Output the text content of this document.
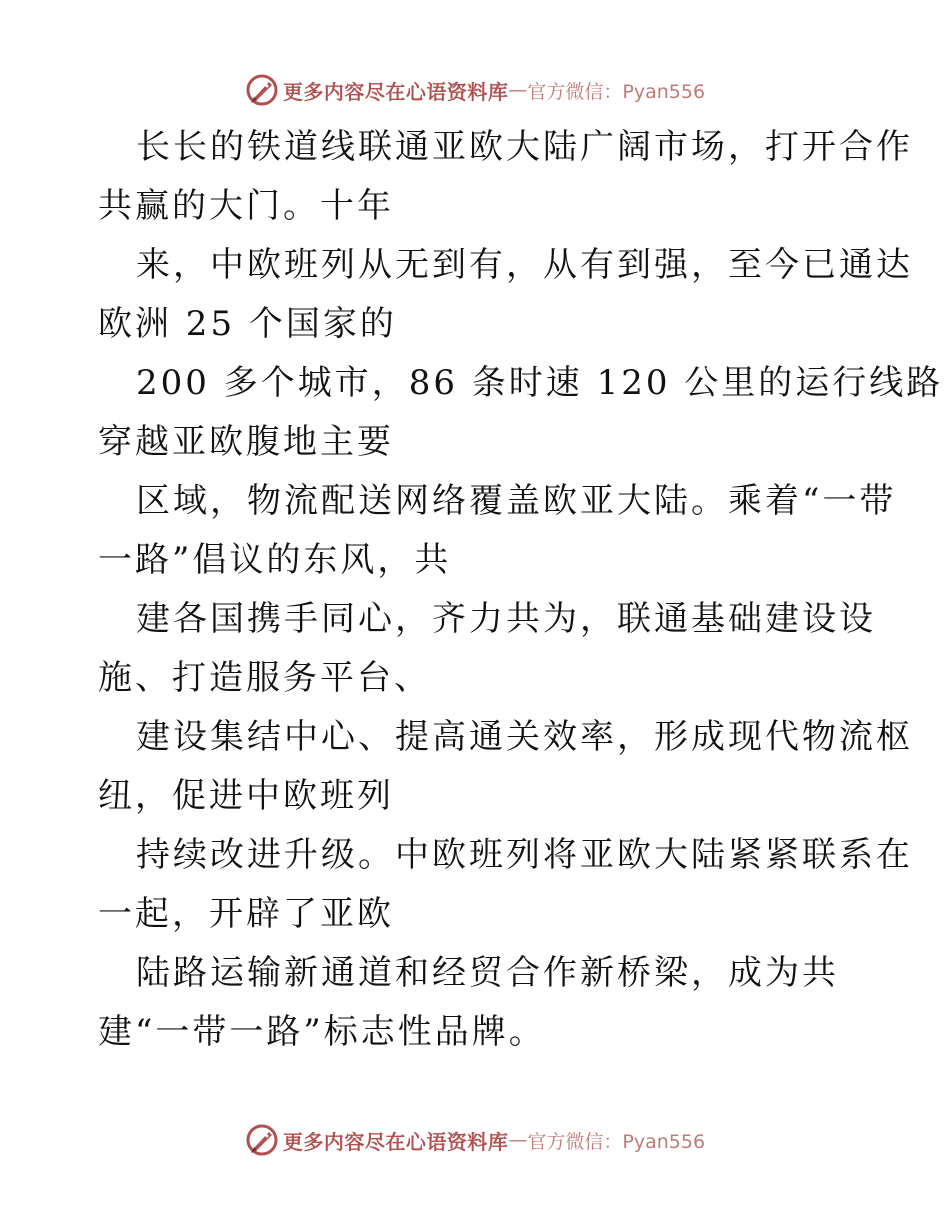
更多内容尽在心语资料库 — 官方微信：Pyan556
长长的铁道线联通亚欧大陆广阔市场，打开合作
共赢的大门。十年
来，中欧班列从无到有，从有到强，至今已通达
欧洲 25 个国家的
200 多个城市，86 条时速 120 公里的运行线路
穿越亚欧腹地主要
区域，物流配送网络覆盖欧亚大陆。乘着“一带
一路”倡议的东风，共
建各国携手同心，齐力共为，联通基础建设设
施、打造服务平台、
建设集结中心、提高通关效率，形成现代物流枢
纽，促进中欧班列
持续改进升级。中欧班列将亚欧大陆紧紧联系在
一起，开辟了亚欧
陆路运输新通道和经贸合作新桥梁，成为共
建“一带一路”标志性品牌。
更多内容尽在心语资料库 — 官方微信：Pyan556
